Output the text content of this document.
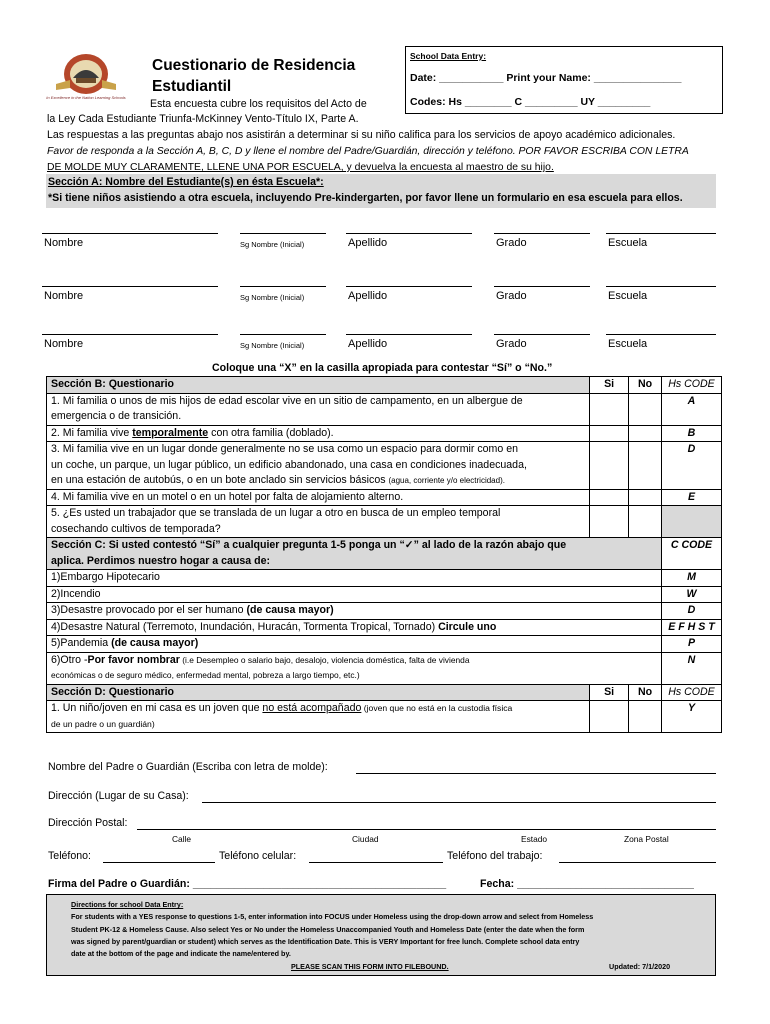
In Excellence in the Nation Learning Schools
Cuestionario de Residencia
Estudiantil
School Data Entry:
Date: ___________ Print your Name: _______________
Codes: Hs ________ C _________ UY _________
Esta encuesta cubre los requisitos del Acto de
la Ley Cada Estudiante Triunfa-McKinney Vento-Título IX, Parte A.
Las respuestas a las preguntas abajo nos asistirán a determinar si su niño califica para los servicios de apoyo académico adicionales.
Favor de responda a la Sección A, B, C, D y llene el nombre del Padre/Guardián, dirección y teléfono. POR FAVOR ESCRIBA CON LETRA
DE MOLDE MUY CLARAMENTE, LLENE UNA POR ESCUELA, y devuelva la encuesta al maestro de su hijo.
Sección A: Nombre del Estudiante(s) en ésta Escuela*:
*Si tiene niños asistiendo a otra escuela, incluyendo Pre-kindergarten, por favor llene un formulario en esa escuela para ellos.
Nombre	Sg Nombre (Inicial)	Apellido	Grado	Escuela
Nombre	Sg Nombre (Inicial)	Apellido	Grado	Escuela
Nombre	Sg Nombre (Inicial)	Apellido	Grado	Escuela
Coloque una “X” en la casilla apropiada para contestar “Sí” o “No.”
Sección B: Questionario	Si	No	Hs CODE

1. Mi familia o unos de mis hijos de edad escolar vive en un sitio de campamento, en un albergue de
emergencia o de transición.			A
2. Mi familia vive temporalmente con otra familia (doblado).			B

3. Mi familia vive en un lugar donde generalmente no se usa como un espacio para dormir como en
un coche, un parque, un lugar público, un edificio abandonado, una casa en condiciones inadecuada,
en una estación de autobús, o en un bote anclado sin servicios básicos (agua, corriente y/o electricidad).			D
4. Mi familia vive en un motel o en un hotel por falta de alojamiento alterno.			E

5. ¿Es usted un trabajador que se translada de un lugar a otro en busca de un empleo temporal
cosechando cultivos de temporada?			

Sección C: Si usted contestó “Sí” a cualquier pregunta 1-5 ponga un “✓” al lado de la razón abajo que
aplica. Perdimos nuestro hogar a causa de:			C CODE
1)Embargo Hipotecario			M
2)Incendio			W
3)Desastre provocado por el ser humano (de causa mayor)			D
4)Desastre Natural (Terremoto, Inundación, Huracán, Tormenta Tropical, Tornado) Circule uno			E F H S T
5)Pandemia (de causa mayor)			P

6)Otro -Por favor nombrar (i.e Desempleo o salario bajo, desalojo, violencia doméstica, falta de vivienda
económicas o de seguro médico, enfermedad mental, pobreza a largo tiempo, etc.)			N
Sección D: Questionario	Si	No	Hs CODE

1. Un niño/joven en mi casa es un joven que no está acompañado (joven que no está en la custodia física
de un padre o un guardián)			Y
Nombre del Padre o Guardián (Escriba con letra de molde):
Dirección (Lugar de su Casa):
Dirección Postal:
Calle	Ciudad	Estado	Zona Postal
Teléfono:	Teléfono celular:	Teléfono del trabajo:
Firma del Padre o Guardián: ___________________________________________	Fecha: ______________________________
Directions for school Data Entry:
For students with a YES response to questions 1-5, enter information into FOCUS under Homeless using the drop-down arrow and select from Homeless
Student PK-12 & Homeless Cause. Also select Yes or No under the Homeless Unaccompanied Youth and Homeless Date (enter the date when the form
was signed by parent/guardian or student) which serves as the Identification Date. This is VERY Important for free lunch. Complete school data entry
date at the bottom of the page and indicate the name/entered by.
PLEASE SCAN THIS FORM INTO FILEBOUND.	Updated: 7/1/2020
